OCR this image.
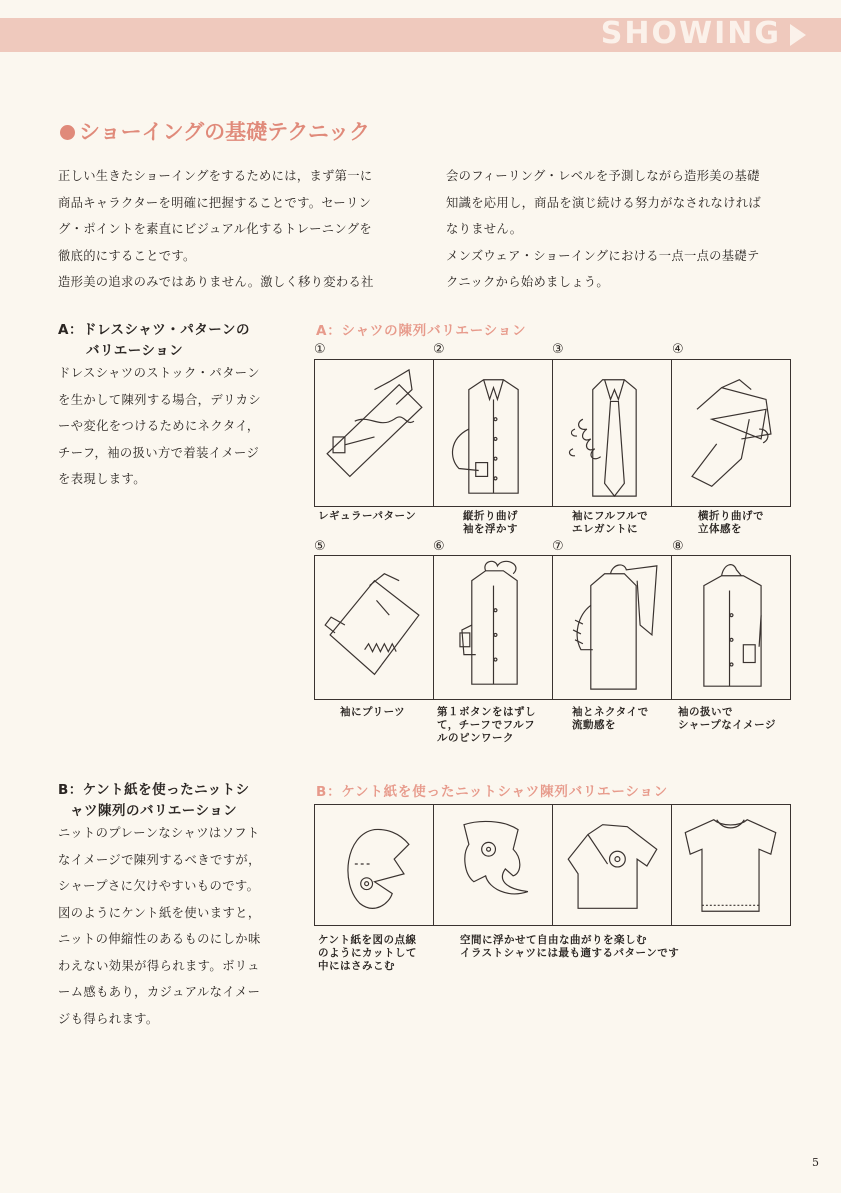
SHOWING
ショーイングの基礎テクニック

正しい生きたショーイングをするためには，まず第一に

商品キャラクターを明確に把握することです。セーリン

グ・ポイントを素直にビジュアル化するトレーニングを

徹底的にすることです。

造形美の追求のみではありません。激しく移り変わる社

会のフィーリング・レベルを予測しながら造形美の基礎

知識を応用し，商品を演じ続ける努力がなされなければ

なりません。

メンズウェア・ショーイングにおける一点一点の基礎テ

クニックから始めましょう。

A：ドレスシャツ・パターンの
バリエーション

ドレスシャツのストック・パターン

を生かして陳列する場合，デリカシ

ーや変化をつけるためにネクタイ，

チーフ，袖の扱い方で着装イメージ

を表現します。

A：シャツの陳列バリエーション
①	②	③	④
レギュラーパターン	縦折り曲げ
袖を浮かす
袖にフルフルで
エレガントに
横折り曲げで
立体感を
⑤	⑥	⑦	⑧
袖にプリーツ	第１ボタンをはずし
て，チーフでフルフ
ルのピンワーク
袖とネクタイで
流動感を
袖の扱いで
シャープなイメージ
B：ケント紙を使ったニットシ
ャツ陳列のバリエーション

ニットのプレーンなシャツはソフト

なイメージで陳列するべきですが，

シャープさに欠けやすいものです。

図のようにケント紙を使いますと，

ニットの伸縮性のあるものにしか味

わえない効果が得られます。ボリュ

ーム感もあり，カジュアルなイメー

ジも得られます。

B：ケント紙を使ったニットシャツ陳列バリエーション
ケント紙を図の点線
のようにカットして
中にはさみこむ
空間に浮かせて自由な曲がりを楽しむ
イラストシャツには最も適するパターンです
5
